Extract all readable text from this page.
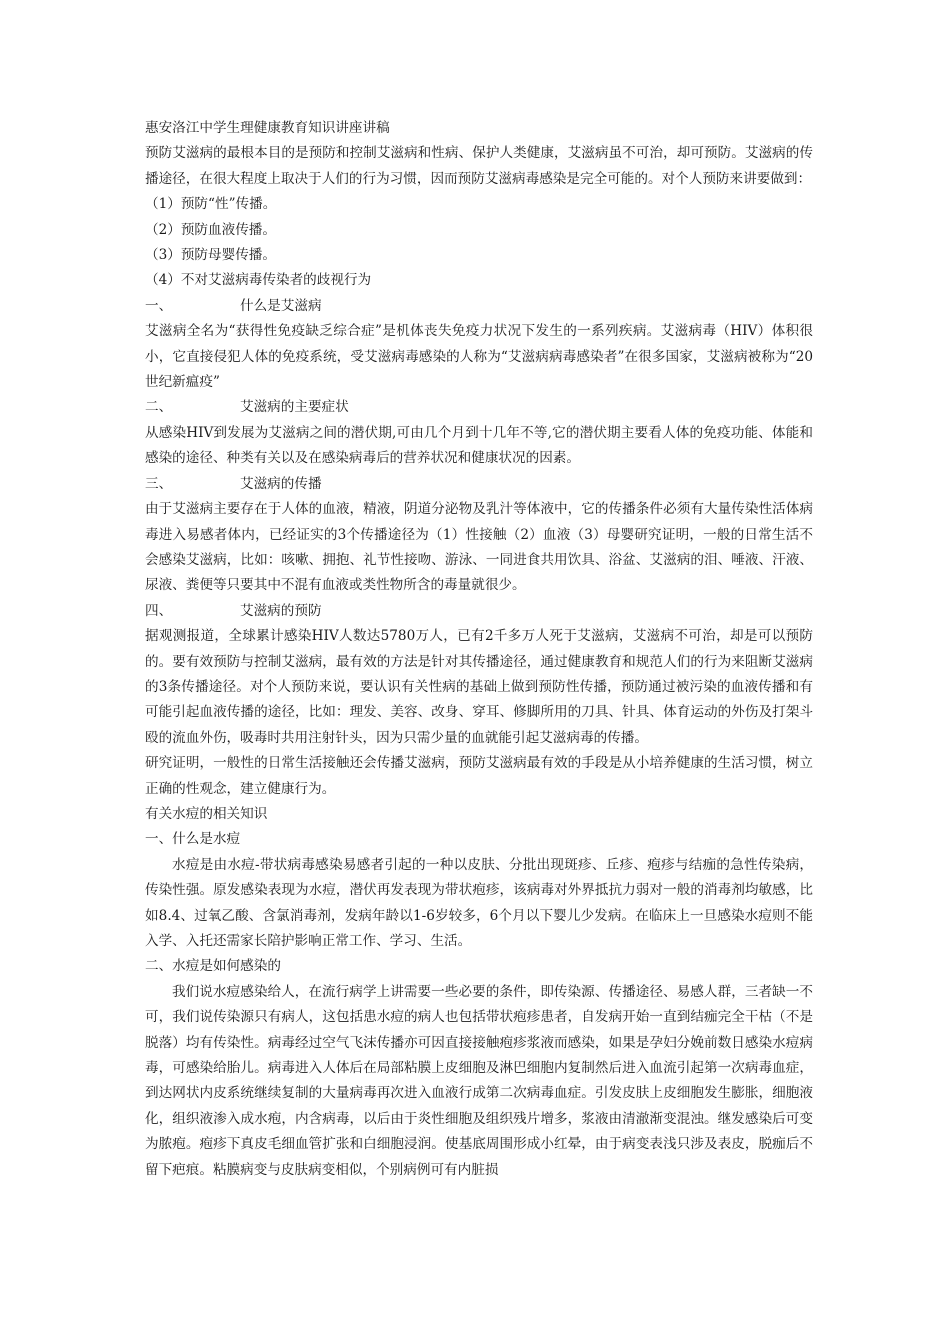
惠安洛江中学生理健康教育知识讲座讲稿

预防艾滋病的最根本目的是预防和控制艾滋病和性病、保护人类健康，艾滋病虽不可治，却可预防。艾滋病的传播途径，在很大程度上取决于人们的行为习惯，因而预防艾滋病毒感染是完全可能的。对个人预防来讲要做到：

（1）预防“性”传播。

（2）预防血液传播。

（3）预防母婴传播。

（4）不对艾滋病毒传染者的歧视行为

一、	什么是艾滋病

艾滋病全名为“获得性免疫缺乏综合症”是机体丧失免疫力状况下发生的一系列疾病。艾滋病毒（HIV）体积很小，它直接侵犯人体的免疫系统，受艾滋病毒感染的人称为“艾滋病病毒感染者”在很多国家，艾滋病被称为“20世纪新瘟疫”

二、	艾滋病的主要症状

从感染HIV到发展为艾滋病之间的潜伏期,可由几个月到十几年不等,它的潜伏期主要看人体的免疫功能、体能和感染的途径、种类有关以及在感染病毒后的营养状况和健康状况的因素。

三、	艾滋病的传播

由于艾滋病主要存在于人体的血液，精液，阴道分泌物及乳汁等体液中，它的传播条件必须有大量传染性活体病毒进入易感者体内，已经证实的3个传播途径为（1）性接触（2）血液（3）母婴研究证明，一般的日常生活不会感染艾滋病，比如：咳嗽、拥抱、礼节性接吻、游泳、一同进食共用饮具、浴盆、艾滋病的泪、唾液、汗液、尿液、粪便等只要其中不混有血液或类性物所含的毒量就很少。

四、	艾滋病的预防

据观测报道，全球累计感染HIV人数达5780万人，已有2千多万人死于艾滋病，艾滋病不可治，却是可以预防的。要有效预防与控制艾滋病，最有效的方法是针对其传播途径，通过健康教育和规范人们的行为来阻断艾滋病的3条传播途径。对个人预防来说，要认识有关性病的基础上做到预防性传播，预防通过被污染的血液传播和有可能引起血液传播的途径，比如：理发、美容、改身、穿耳、修脚所用的刀具、针具、体育运动的外伤及打架斗殴的流血外伤，吸毒时共用注射针头，因为只需少量的血就能引起艾滋病毒的传播。

研究证明，一般性的日常生活接触还会传播艾滋病，预防艾滋病最有效的手段是从小培养健康的生活习惯，树立正确的性观念，建立健康行为。

有关水痘的相关知识

一、什么是水痘

水痘是由水痘-带状病毒感染易感者引起的一种以皮肤、分批出现斑疹、丘疹、疱疹与结痂的急性传染病，传染性强。原发感染表现为水痘，潜伏再发表现为带状疱疹，该病毒对外界抵抗力弱对一般的消毒剂均敏感，比如8.4、过氧乙酸、含氯消毒剂，发病年龄以1-6岁较多，6个月以下婴儿少发病。在临床上一旦感染水痘则不能入学、入托还需家长陪护影响正常工作、学习、生活。

二、水痘是如何感染的

我们说水痘感染给人，在流行病学上讲需要一些必要的条件，即传染源、传播途径、易感人群，三者缺一不可，我们说传染源只有病人，这包括患水痘的病人也包括带状疱疹患者，自发病开始一直到结痂完全干枯（不是脱落）均有传染性。病毒经过空气飞沫传播亦可因直接接触疱疹浆液而感染，如果是孕妇分娩前数日感染水痘病毒，可感染给胎儿。病毒进入人体后在局部粘膜上皮细胞及淋巴细胞内复制然后进入血流引起第一次病毒血症，到达网状内皮系统继续复制的大量病毒再次进入血液行成第二次病毒血症。引发皮肤上皮细胞发生膨胀，细胞液化，组织液渗入成水疱，内含病毒，以后由于炎性细胞及组织残片增多，浆液由清澈渐变混浊。继发感染后可变为脓疱。疱疹下真皮毛细血管扩张和白细胞浸润。使基底周围形成小红晕，由于病变表浅只涉及表皮，脱痂后不留下疤痕。粘膜病变与皮肤病变相似，个别病例可有内脏损
